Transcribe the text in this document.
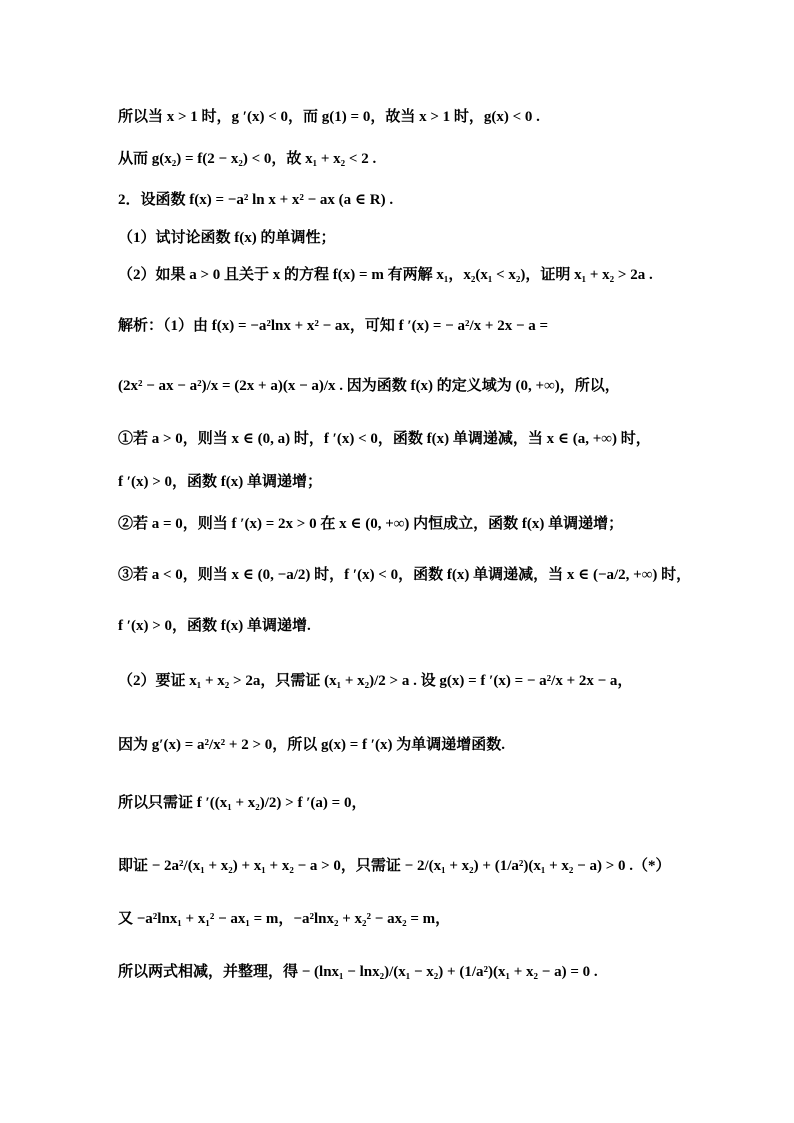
所以当 x > 1 时，g ′(x) < 0，而 g(1) = 0，故当 x > 1 时，g(x) < 0 .
从而 g(x₂) = f(2 − x₂) < 0，故 x₁ + x₂ < 2 .
2．设函数 f(x) = −a² ln x + x² − ax (a ∈ R) .
（1）试讨论函数 f(x) 的单调性；
（2）如果 a > 0 且关于 x 的方程 f(x) = m 有两解 x₁，x₂(x₁ < x₂)，证明 x₁ + x₂ > 2a .
解析：（1）由 f(x) = −a²lnx + x² − ax，可知 f ′(x) = − a²/x + 2x − a =
(2x² − ax − a²)/x = (2x + a)(x − a)/x . 因为函数 f(x) 的定义域为 (0, +∞)，所以，
①若 a > 0，则当 x ∈ (0, a) 时，f ′(x) < 0，函数 f(x) 单调递减，当 x ∈ (a, +∞) 时，
f ′(x) > 0，函数 f(x) 单调递增；
②若 a = 0，则当 f ′(x) = 2x > 0 在 x ∈ (0, +∞) 内恒成立，函数 f(x) 单调递增；
③若 a < 0，则当 x ∈ (0, −a/2) 时，f ′(x) < 0，函数 f(x) 单调递减，当 x ∈ (−a/2, +∞) 时，
f ′(x) > 0，函数 f(x) 单调递增.
（2）要证 x₁ + x₂ > 2a，只需证 (x₁ + x₂)/2 > a . 设 g(x) = f ′(x) = − a²/x + 2x − a，
因为 g′(x) = a²/x² + 2 > 0，所以 g(x) = f ′(x) 为单调递增函数.
所以只需证 f ′((x₁ + x₂)/2) > f ′(a) = 0，
即证 − 2a²/(x₁ + x₂) + x₁ + x₂ − a > 0，只需证 − 2/(x₁ + x₂) + (1/a²)(x₁ + x₂ − a) > 0 .（*）
又 −a²lnx₁ + x₁² − ax₁ = m，−a²lnx₂ + x₂² − ax₂ = m，
所以两式相减，并整理，得 − (lnx₁ − lnx₂)/(x₁ − x₂) + (1/a²)(x₁ + x₂ − a) = 0 .
